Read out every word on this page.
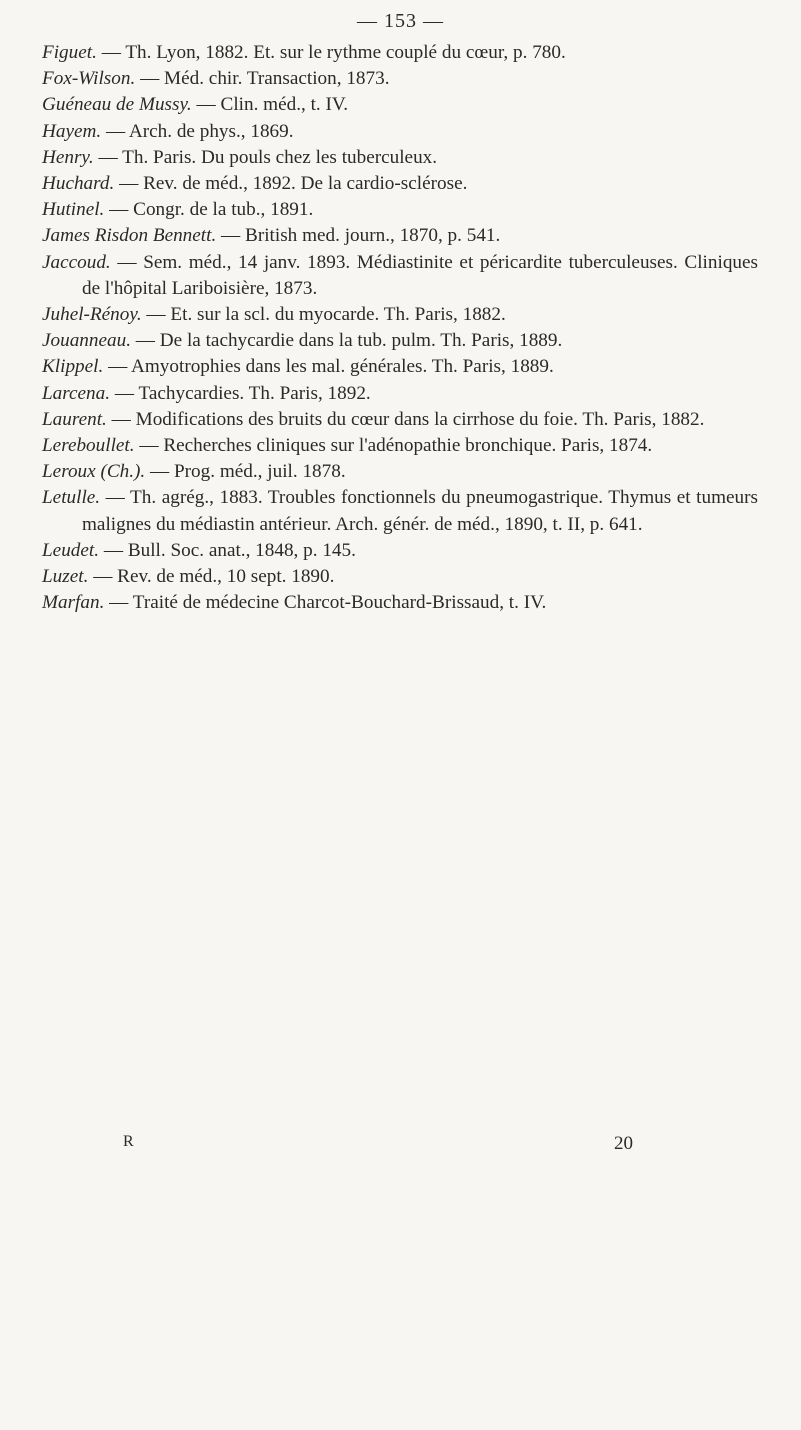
— 153 —
Figuet. — Th. Lyon, 1882. Et. sur le rythme couplé du cœur, p. 780.
Fox-Wilson. — Méd. chir. Transaction, 1873.
Guéneau de Mussy. — Clin. méd., t. IV.
Hayem. — Arch. de phys., 1869.
Henry. — Th. Paris. Du pouls chez les tuberculeux.
Huchard. — Rev. de méd., 1892. De la cardio-sclérose.
Hutinel. — Congr. de la tub., 1891.
James Risdon Bennett. — British med. journ., 1870, p. 541.
Jaccoud. — Sem. méd., 14 janv. 1893. Médiastinite et péricardite tuberculeuses. Cliniques de l'hôpital Lariboisière, 1873.
Juhel-Rénoy. — Et. sur la scl. du myocarde. Th. Paris, 1882.
Jouanneau. — De la tachycardie dans la tub. pulm. Th. Paris, 1889.
Klippel. — Amyotrophies dans les mal. générales. Th. Paris, 1889.
Larcena. — Tachycardies. Th. Paris, 1892.
Laurent. — Modifications des bruits du cœur dans la cirrhose du foie. Th. Paris, 1882.
Lereboullet. — Recherches cliniques sur l'adénopathie bronchique. Paris, 1874.
Leroux (Ch.). — Prog. méd., juil. 1878.
Letulle. — Th. agrég., 1883. Troubles fonctionnels du pneumogastrique. Thymus et tumeurs malignes du médiastin antérieur. Arch. génér. de méd., 1890, t. II, p. 641.
Leudet. — Bull. Soc. anat., 1848, p. 145.
Luzet. — Rev. de méd., 10 sept. 1890.
Marfan. — Traité de médecine Charcot-Bouchard-Brissaud, t. IV.
R	20
